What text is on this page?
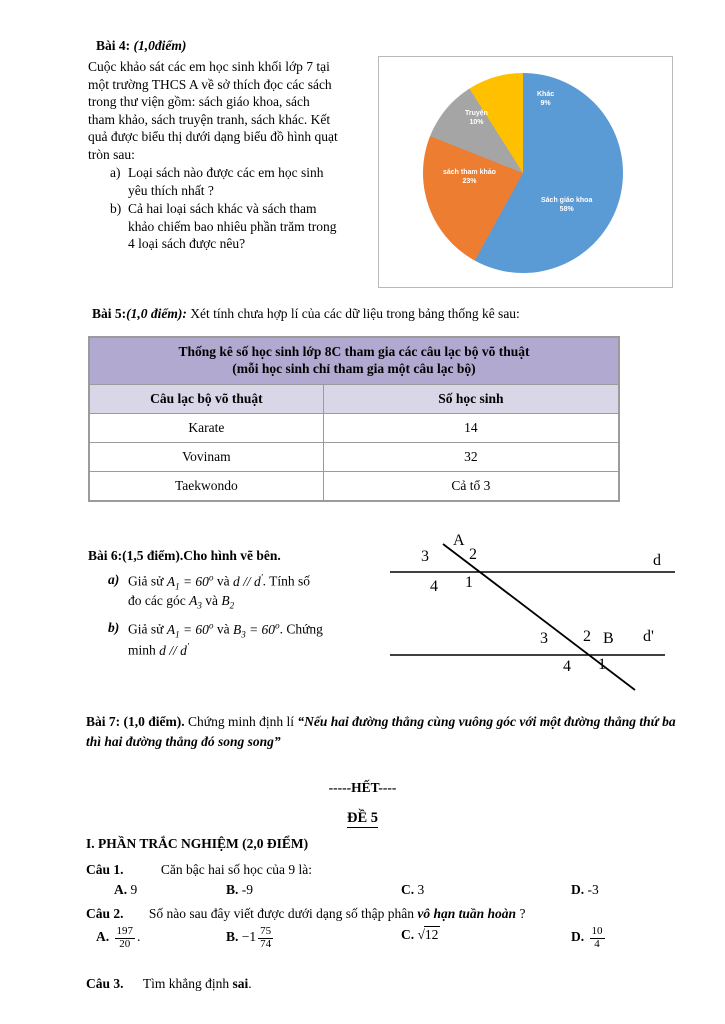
Bài 4: (1,0điểm)
Cuộc khảo sát các em học sinh khối lớp 7 tại một trường THCS A về sở thích đọc các sách trong thư viện gồm: sách giáo khoa, sách tham khảo, sách truyện tranh, sách khác. Kết quả được biểu thị dưới dạng biểu đồ hình quạt tròn sau:
a) Loại sách nào được các em học sinh yêu thích nhất ?
b) Cả hai loại sách khác và sách tham khảo chiếm bao nhiêu phần trăm trong 4 loại sách được nêu?
Sách giáo khoa
58%
sách tham khảo
23%
Truyện
10%
Khác
9%
Bài 5:(1,0 điểm): Xét tính chưa hợp lí của các dữ liệu trong bảng thống kê sau:
Thống kê số học sinh lớp 8C tham gia các câu lạc bộ võ thuật
(mỗi học sinh chỉ tham gia một câu lạc bộ)	
Câu lạc bộ võ thuật	Số học sinh
Karate	14
Vovinam	32
Taekwondo	Cả tổ 3
Bài 6:(1,5 điểm).Cho hình vẽ bên.
a) Giả sử $A_1 = 60^o$ và d // d'. Tính số
đo các góc $A_3$ và $B_2$
b) Giả sử $A_1 = 60^o$ và $B_3 = 60^o$. Chứng
minh d // d'
A
3	2
4 1
d
3 2 B d'
4 1
Bài 7: (1,0 điểm). Chứng minh định lí “Nếu hai đường thẳng cùng vuông góc với một đường thẳng thứ ba thì hai đường thẳng đó song song”
-----HẾT----
ĐỀ 5
I. PHẦN TRẮC NGHIỆM (2,0 ĐIỂM)
Câu 1.	Căn bậc hai số học của 9 là:
A. 9	B. -9	C. 3	D. -3
Câu 2. Số nào sau đây viết được dưới dạng số thập phân vô hạn tuần hoàn ?
A. $\frac{197}{20}$ .	B. $-1 \frac{75}{74}$	C. √12	D. $\frac{10}{4}$
Câu 3. Tìm khẳng định sai.
